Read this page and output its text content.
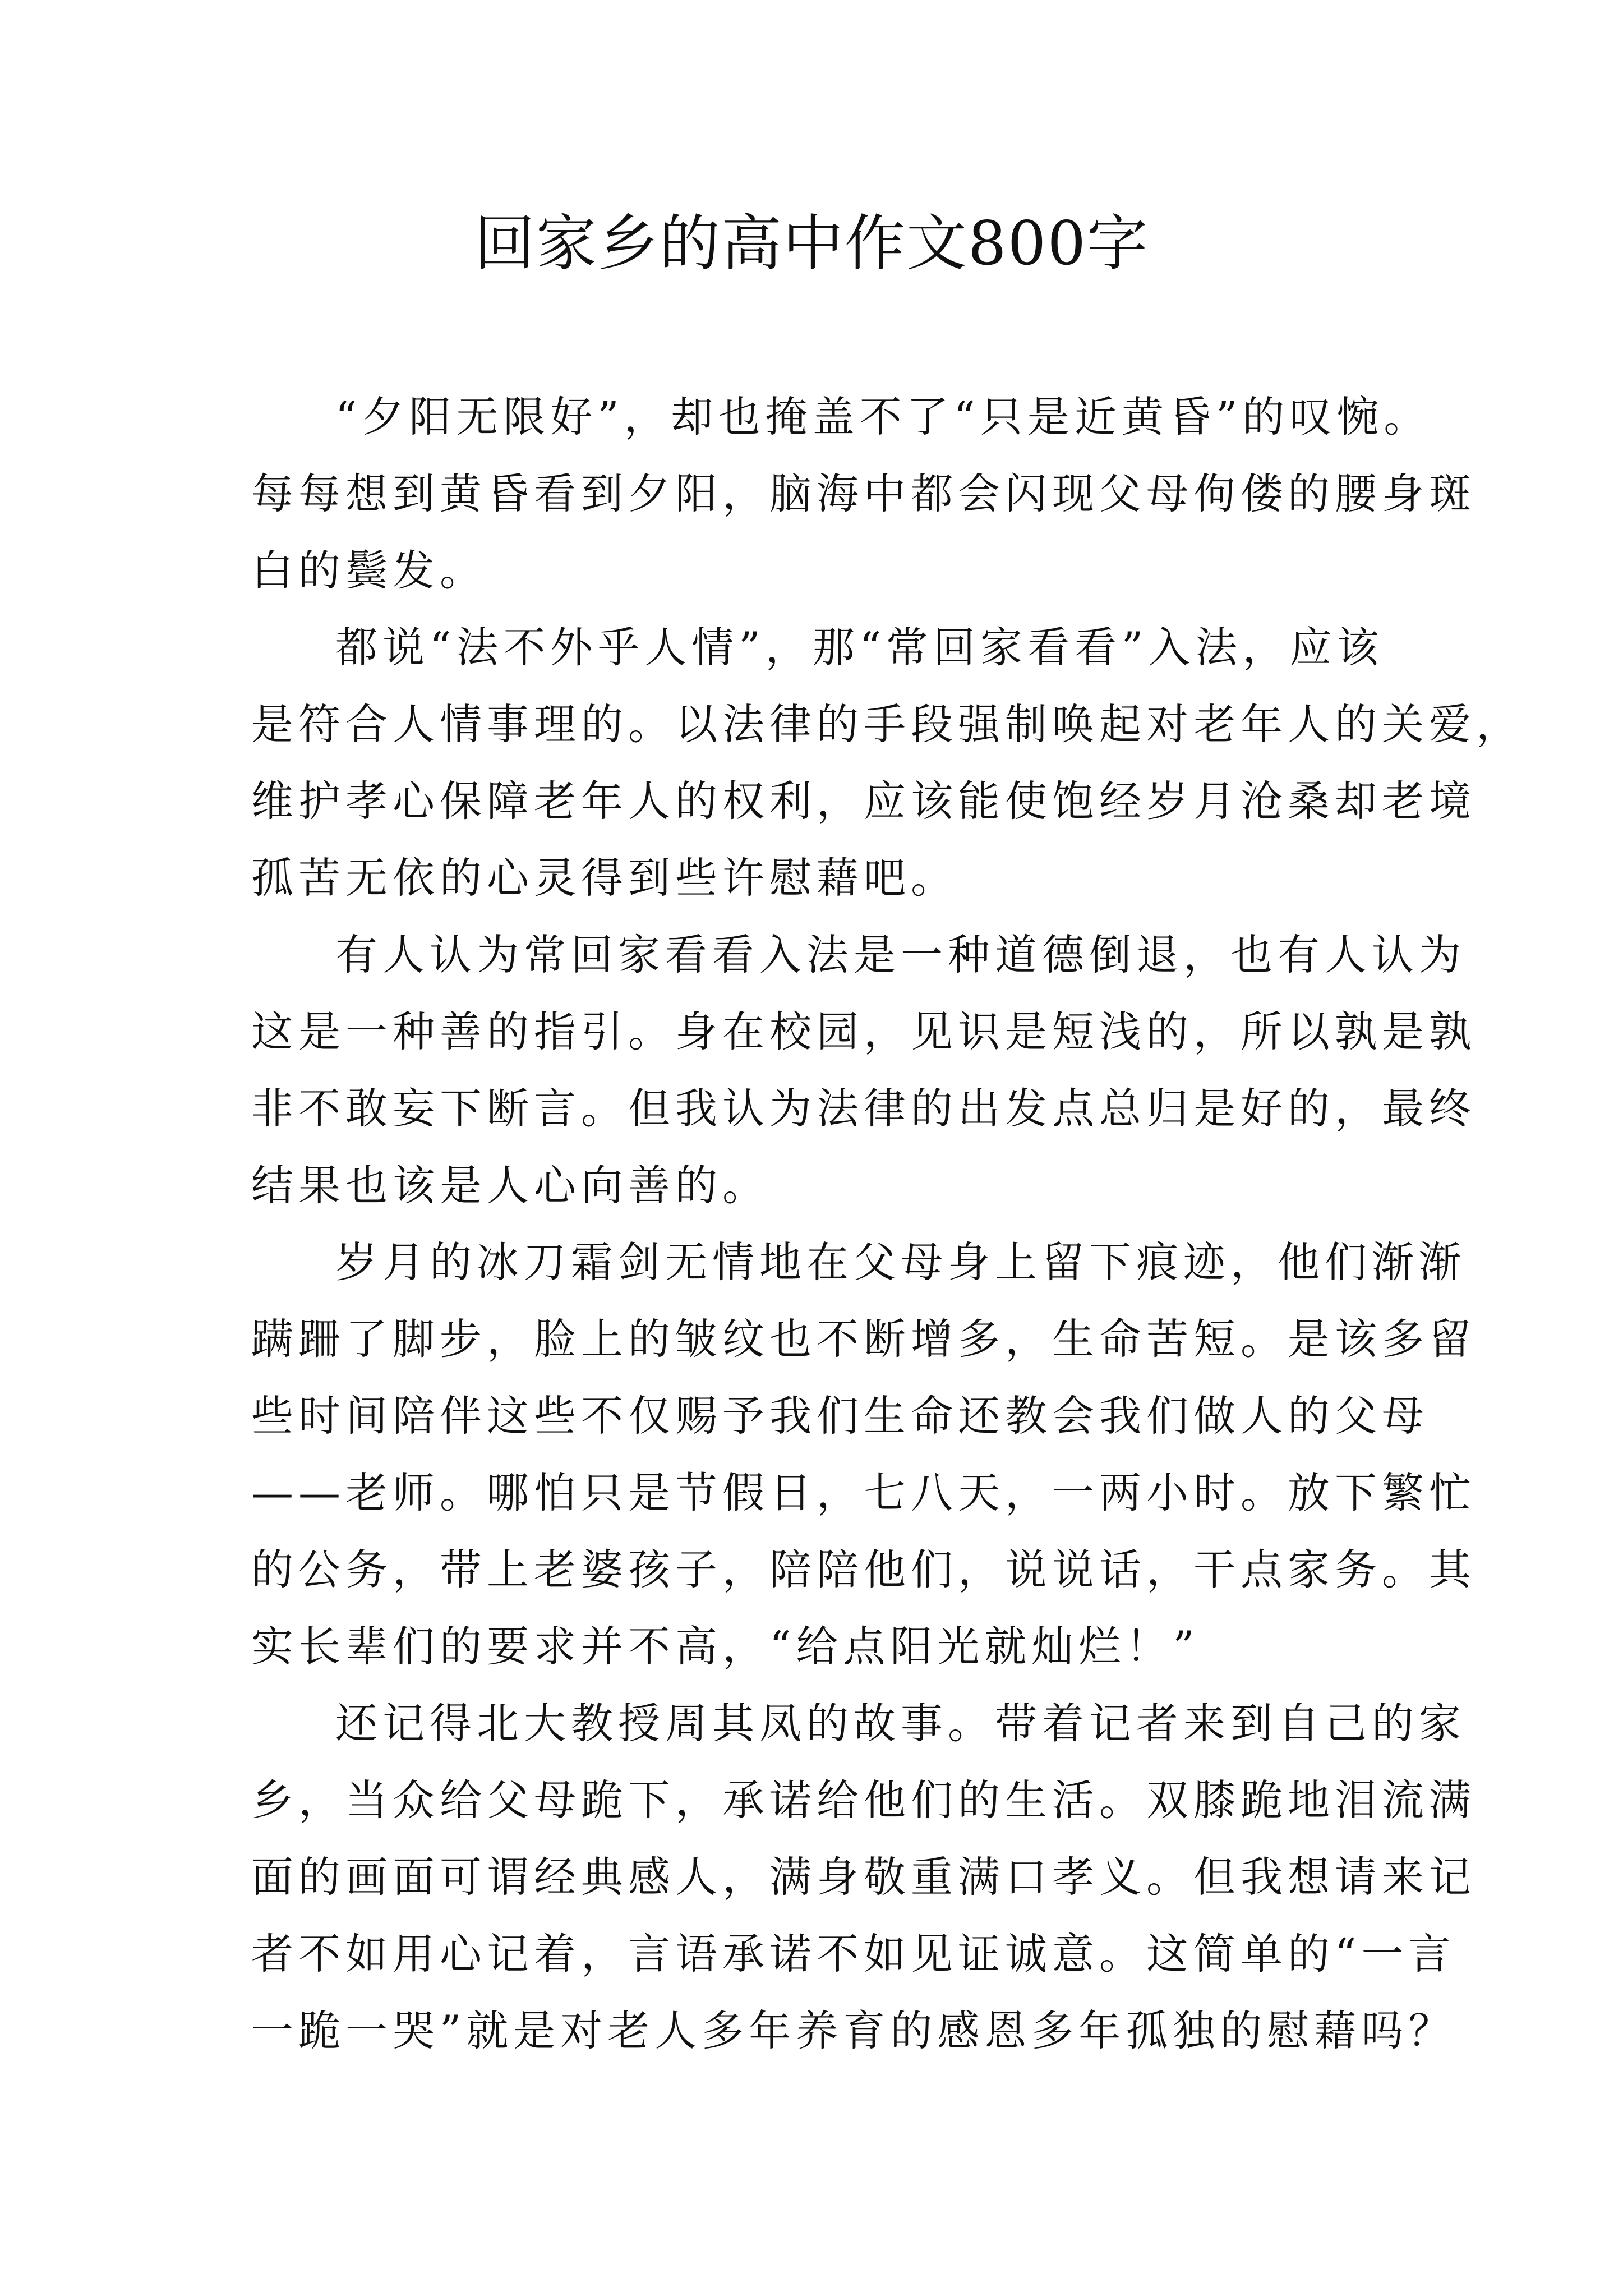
回家乡的高中作文800字

“夕阳无限好”，却也掩盖不了“只是近黄昏”的叹惋。
每每想到黄昏看到夕阳，脑海中都会闪现父母佝偻的腰身斑
白的鬓发。

都说“法不外乎人情”，那“常回家看看”入法，应该
是符合人情事理的。以法律的手段强制唤起对老年人的关爱，
维护孝心保障老年人的权利，应该能使饱经岁月沧桑却老境
孤苦无依的心灵得到些许慰藉吧。

有人认为常回家看看入法是一种道德倒退，也有人认为
这是一种善的指引。身在校园，见识是短浅的，所以孰是孰
非不敢妄下断言。但我认为法律的出发点总归是好的，最终
结果也该是人心向善的。

岁月的冰刀霜剑无情地在父母身上留下痕迹，他们渐渐
蹒跚了脚步，脸上的皱纹也不断增多，生命苦短。是该多留
些时间陪伴这些不仅赐予我们生命还教会我们做人的父母
——老师。哪怕只是节假日，七八天，一两小时。放下繁忙
的公务，带上老婆孩子，陪陪他们，说说话，干点家务。其
实长辈们的要求并不高，“给点阳光就灿烂！”

还记得北大教授周其凤的故事。带着记者来到自己的家
乡，当众给父母跪下，承诺给他们的生活。双膝跪地泪流满
面的画面可谓经典感人，满身敬重满口孝义。但我想请来记
者不如用心记着，言语承诺不如见证诚意。这简单的“一言
一跪一哭”就是对老人多年养育的感恩多年孤独的慰藉吗？
